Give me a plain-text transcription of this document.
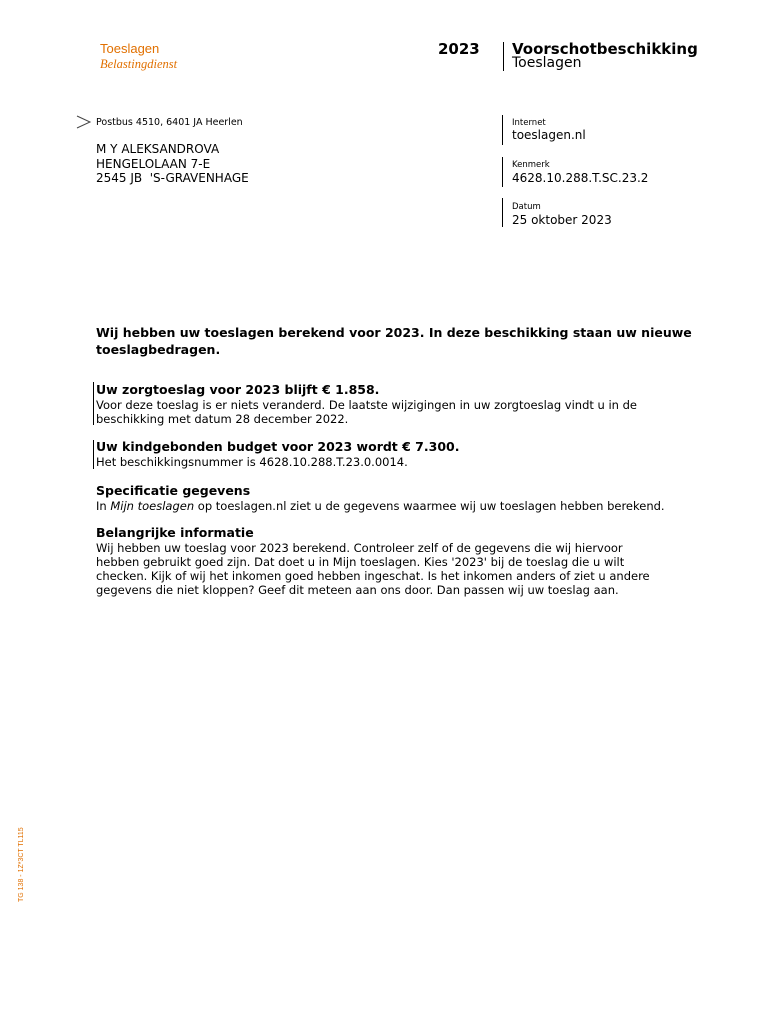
Toeslagen
Belastingdienst
2023 Voorschotbeschikking
Toeslagen
Postbus 4510, 6401 JA Heerlen
M Y ALEKSANDROVA
HENGELOLAAN 7-E
2545 JB  'S-GRAVENHAGE
Internet
toeslagen.nl
Kenmerk
4628.10.288.T.SC.23.2
Datum
25 oktober 2023
Wij hebben uw toeslagen berekend voor 2023. In deze beschikking staan uw nieuwe toeslagbedragen.
Uw zorgtoeslag voor 2023 blijft € 1.858.
Voor deze toeslag is er niets veranderd. De laatste wijzigingen in uw zorgtoeslag vindt u in de
beschikking met datum 28 december 2022.
Uw kindgebonden budget voor 2023 wordt € 7.300.
Het beschikkingsnummer is 4628.10.288.T.23.0.0014.
Specificatie gegevens
In Mijn toeslagen op toeslagen.nl ziet u de gegevens waarmee wij uw toeslagen hebben berekend.
Belangrijke informatie
Wij hebben uw toeslag voor 2023 berekend. Controleer zelf of de gegevens die wij hiervoor
hebben gebruikt goed zijn. Dat doet u in Mijn toeslagen. Kies '2023' bij de toeslag die u wilt
checken. Kijk of wij het inkomen goed hebben ingeschat. Is het inkomen anders of ziet u andere
gegevens die niet kloppen? Geef dit meteen aan ons door. Dan passen wij uw toeslag aan.
TG 138 - 1Z*3CT TL115
